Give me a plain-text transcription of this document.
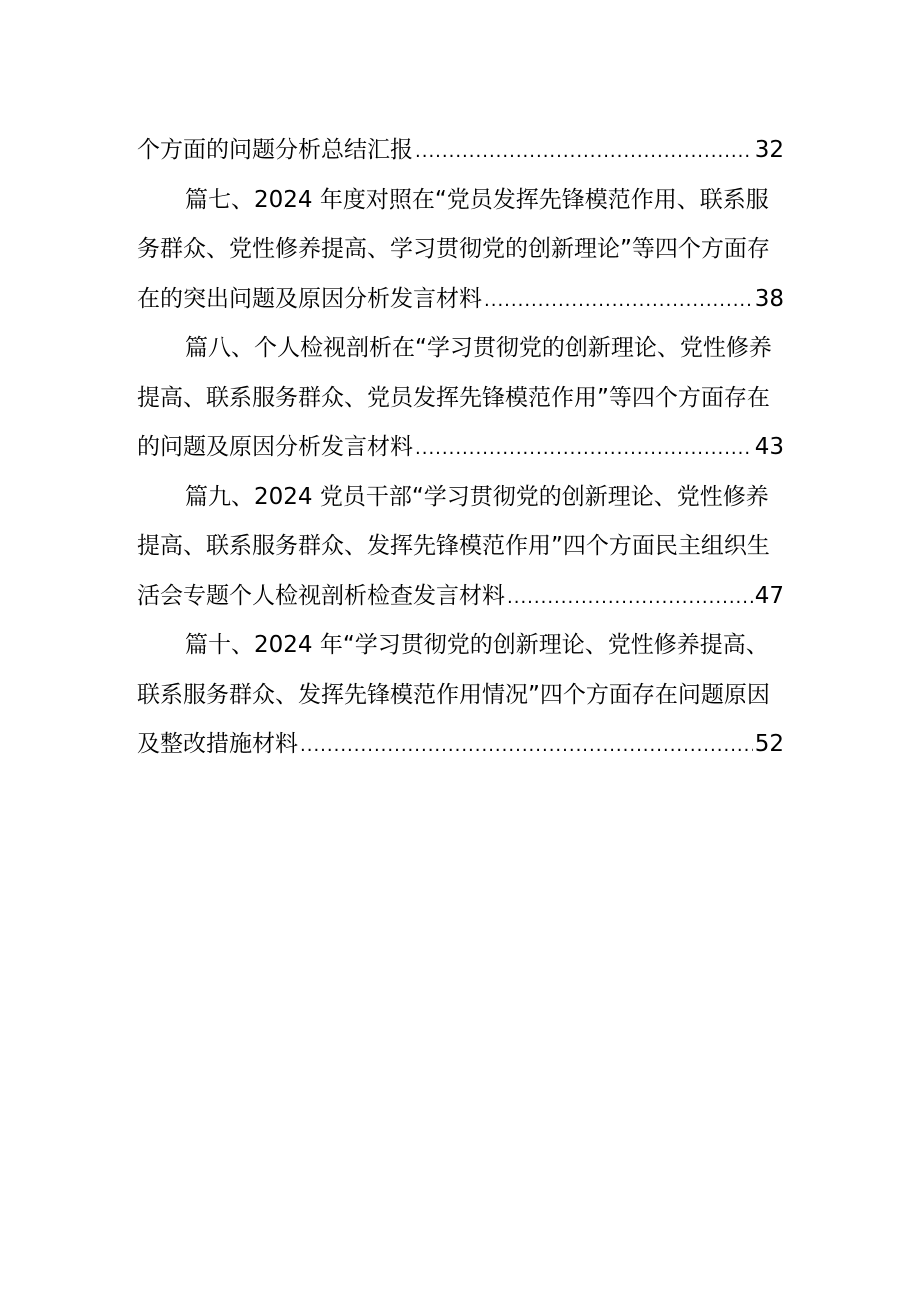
个方面的问题分析总结汇报 .....	32
篇七、2024 年度对照在“党员发挥先锋模范作用、联系服
务群众、党性修养提高、学习贯彻党的创新理论”等四个方面存
在的突出问题及原因分析发言材料 .....	38
篇八、个人检视剖析在“学习贯彻党的创新理论、党性修养
提高、联系服务群众、党员发挥先锋模范作用”等四个方面存在
的问题及原因分析发言材料 .....	43
篇九、2024 党员干部“学习贯彻党的创新理论、党性修养
提高、联系服务群众、发挥先锋模范作用”四个方面民主组织生
活会专题个人检视剖析检查发言材料 .....	47
篇十、2024 年“学习贯彻党的创新理论、党性修养提高、
联系服务群众、发挥先锋模范作用情况”四个方面存在问题原因
及整改措施材料 .....	52
